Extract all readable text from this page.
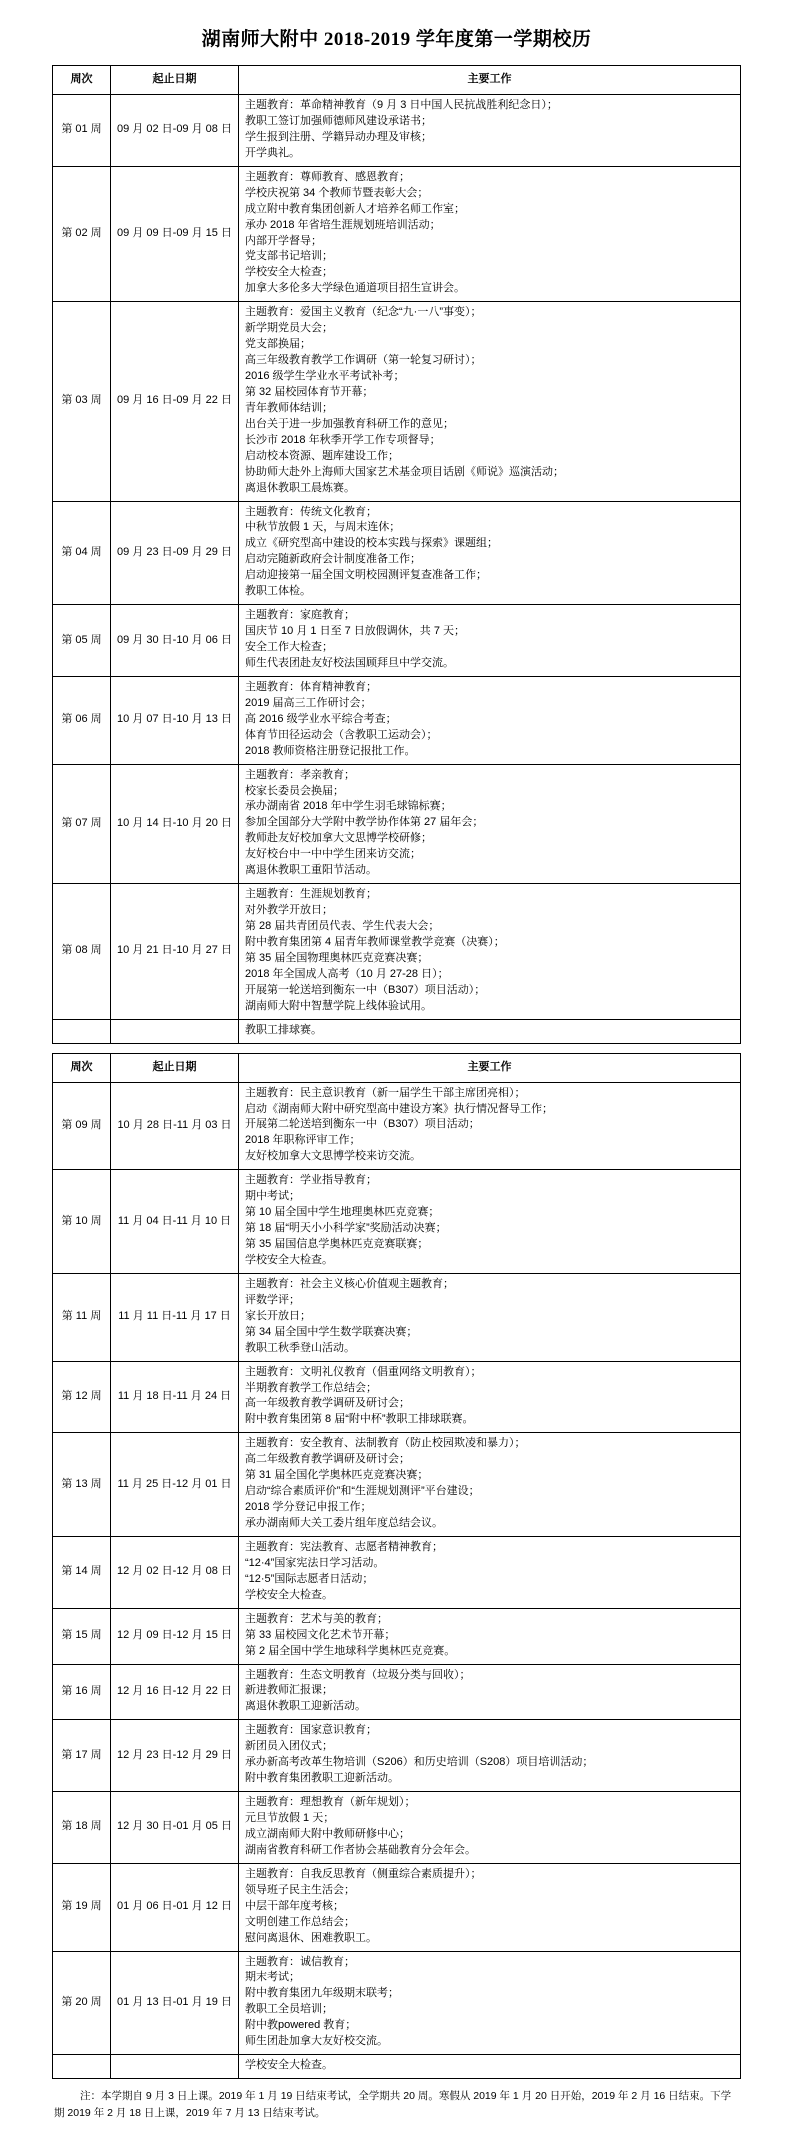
湖南师大附中 2018-2019 学年度第一学期校历
周次	起止日期	主要工作
第 01 周	09 月 02 日-09 月 08 日	主题教育：革命精神教育（9 月 3 日中国人民抗战胜利纪念日）；
教职工签订加强师德师风建设承诺书；
学生报到注册、学籍异动办理及审核；
开学典礼。

第 02 周	09 月 09 日-09 月 15 日	
主题教育：尊师教育、感恩教育；
学校庆祝第 34 个教师节暨表彰大会；
成立附中教育集团创新人才培养名师工作室；
承办 2018 年省培生涯规划班培训活动；
内部开学督导；
党支部书记培训；
学校安全大检查；
加拿大多伦多大学绿色通道项目招生宣讲会。

第 03 周	09 月 16 日-09 月 22 日	
主题教育：爱国主义教育（纪念“九·一八”事变）；
新学期党员大会；
党支部换届；
高三年级教育教学工作调研（第一轮复习研讨）；
2016 级学生学业水平考试补考；
第 32 届校园体育节开幕；
青年教师体结训；
出台关于进一步加强教育科研工作的意见；
长沙市 2018 年秋季开学工作专项督导；
启动校本资源、题库建设工作；
协助师大赴外上海师大国家艺术基金项目话剧《师说》巡演活动；
离退休教职工晨炼赛。

第 04 周	09 月 23 日-09 月 29 日	
主题教育：传统文化教育；
中秋节放假 1 天，与周末连休；
成立《研究型高中建设的校本实践与探索》课题组；
启动完随新政府会计制度准备工作；
启动迎接第一届全国文明校园测评复查准备工作；
教职工体检。

第 05 周	09 月 30 日-10 月 06 日	主题教育：家庭教育；
国庆节 10 月 1 日至 7 日放假调休，共 7 天；
安全工作大检查；
师生代表团赴友好校法国顾拜旦中学交流。

第 06 周	10 月 07 日-10 月 13 日	主题教育：体育精神教育；
2019 届高三工作研讨会；
高 2016 级学业水平综合考查；
体育节田径运动会（含教职工运动会）；
2018 教师资格注册登记报批工作。

第 07 周	10 月 14 日-10 月 20 日	
主题教育：孝亲教育；
校家长委员会换届；
承办湖南省 2018 年中学生羽毛球锦标赛；
参加全国部分大学附中教学协作体第 27 届年会；
教师赴友好校加拿大文思博学校研修；
友好校台中一中中学生团来访交流；
离退休教职工重阳节活动。

第 08 周	10 月 21 日-10 月 27 日	
主题教育：生涯规划教育；
对外教学开放日；
第 28 届共青团员代表、学生代表大会；
附中教育集团第 4 届青年教师课堂教学竞赛（决赛）；
第 35 届全国物理奥林匹克竞赛决赛；
2018 年全国成人高考（10 月 27-28 日）；
开展第一轮送培到衡东一中（B307）项目活动）；
湖南师大附中智慧学院上线体验试用。

		教职工排球赛。
周次	起止日期	主要工作
第 09 周	10 月 28 日-11 月 03 日	主题教育：民主意识教育（新一届学生干部主席团亮相）；
启动《湖南师大附中研究型高中建设方案》执行情况督导工作；
开展第二轮送培到衡东一中（B307）项目活动；
2018 年职称评审工作；
友好校加拿大文思博学校来访交流。

第 10 周	11 月 04 日-11 月 10 日	
主题教育：学业指导教育；
期中考试；
第 10 届全国中学生地理奥林匹克竞赛；
第 18 届“明天小小科学家”奖励活动决赛；
第 35 届国信息学奥林匹克竞赛联赛；
学校安全大检查。

第 11 周	11 月 11 日-11 月 17 日	主题教育：社会主义核心价值观主题教育；
评数学评；
家长开放日；
第 34 届全国中学生数学联赛决赛；
教职工秋季登山活动。

第 12 周	11 月 18 日-11 月 24 日	主题教育：文明礼仪教育（倡重网络文明教育）；
半期教育教学工作总结会；
高一年级教育教学调研及研讨会；
附中教育集团第 8 届“附中杯”教职工排球联赛。

第 13 周	11 月 25 日-12 月 01 日	
主题教育：安全教育、法制教育（防止校园欺凌和暴力）；
高二年级教育教学调研及研讨会；
第 31 届全国化学奥林匹克竞赛决赛；
启动“综合素质评价”和“生涯规划测评”平台建设；
2018 学分登记申报工作；
承办湖南师大关工委片组年度总结会议。

第 14 周	12 月 02 日-12 月 08 日	主题教育：宪法教育、志愿者精神教育；
“12·4”国家宪法日学习活动。
“12·5”国际志愿者日活动；
学校安全大检查。

第 15 周	12 月 09 日-12 月 15 日	主题教育：艺术与美的教育；
第 33 届校园文化艺术节开幕；
第 2 届全国中学生地球科学奥林匹克竞赛。

第 16 周	12 月 16 日-12 月 22 日	主题教育：生态文明教育（垃圾分类与回收）；
新进教师汇报课；
离退休教职工迎新活动。

第 17 周	12 月 23 日-12 月 29 日	主题教育：国家意识教育；
新团员入团仪式；
承办新高考改革生物培训（S206）和历史培训（S208）项目培训活动；
附中教育集团教职工迎新活动。

第 18 周	12 月 30 日-01 月 05 日	主题教育：理想教育（新年规划）；
元旦节放假 1 天；
成立湖南师大附中教师研修中心；
湖南省教育科研工作者协会基础教育分会年会。

第 19 周	01 月 06 日-01 月 12 日	主题教育：自我反思教育（侧重综合素质提升）；
领导班子民主生活会；
中层干部年度考核；
文明创建工作总结会；
慰问离退休、困难教职工。

第 20 周	01 月 13 日-01 月 19 日	
主题教育：诚信教育；
期末考试；
附中教育集团九年级期末联考；
教职工全员培训；
附中教powered 教育；
师生团赴加拿大友好校交流。

		学校安全大检查。
注：本学期自 9 月 3 日上课。2019 年 1 月 19 日结束考试，全学期共 20 周。寒假从 2019 年 1 月 20 日开始，2019 年 2 月 16 日结束。下学期 2019 年 2 月 18 日上课，2019 年 7 月 13 日结束考试。
